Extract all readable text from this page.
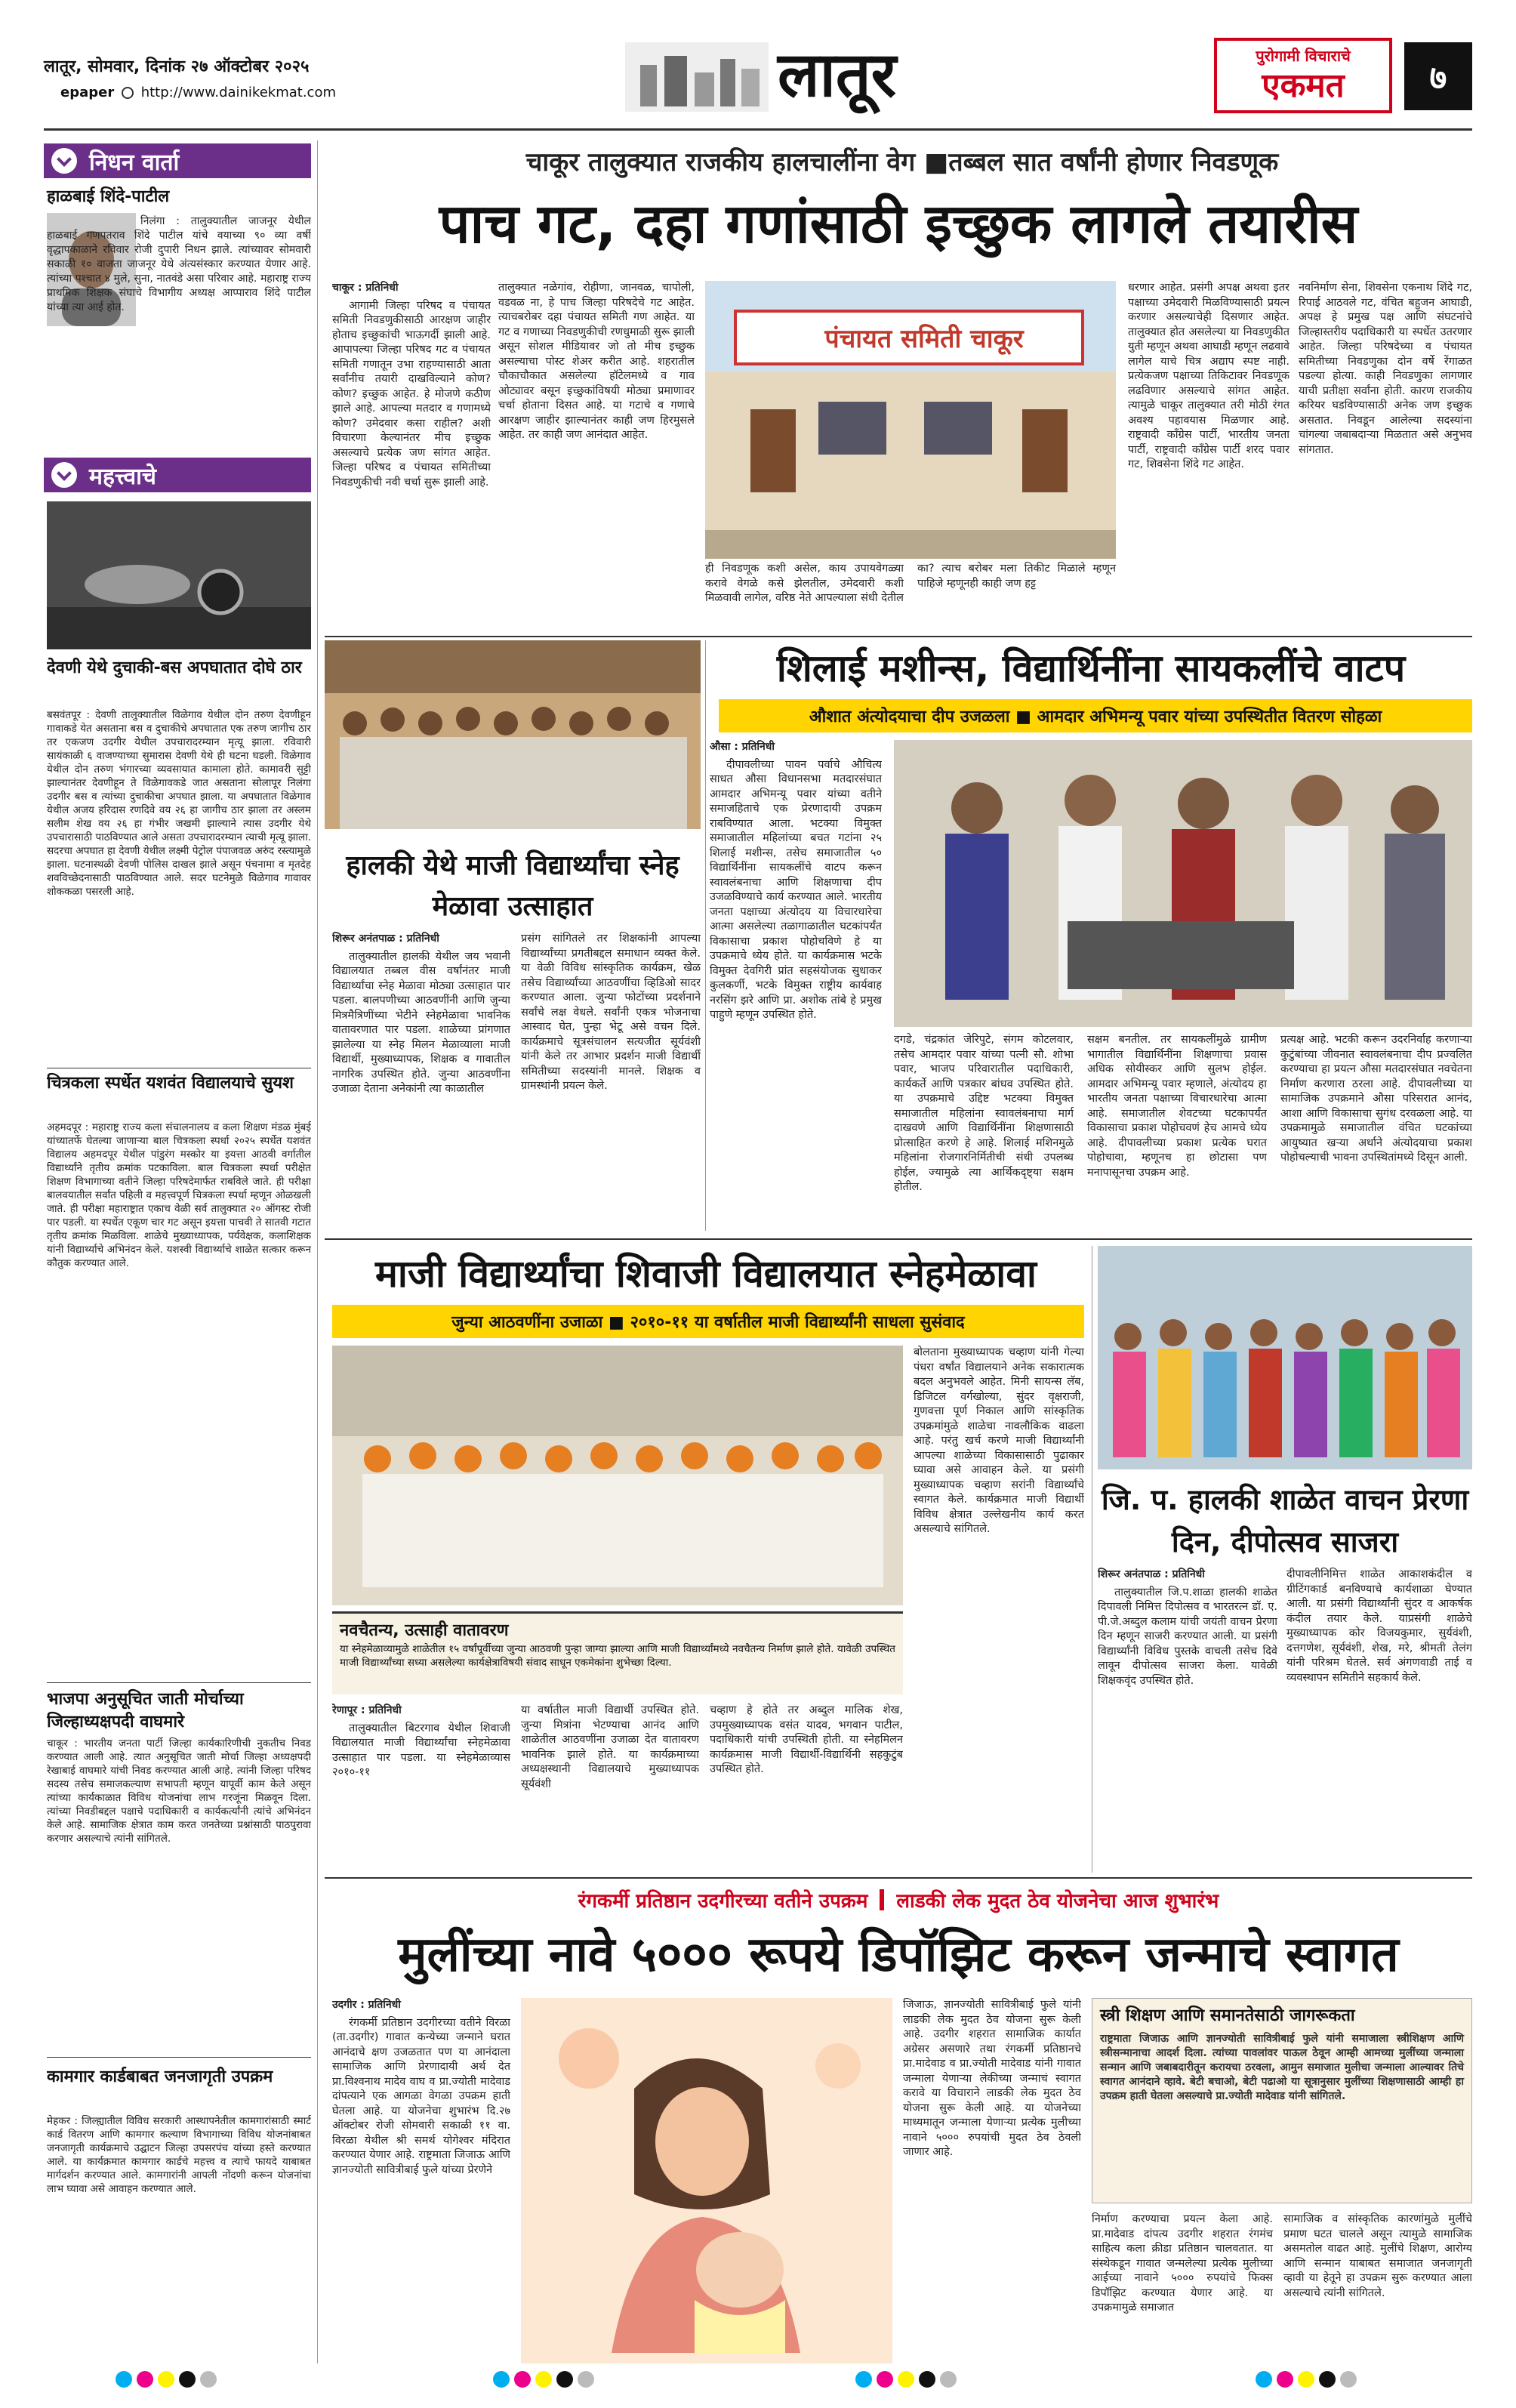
लातूर, सोमवार, दिनांक २७ ऑक्टोबर २०२५
epaper http://www.dainikekmat.com	लातूर	पुरोगामी विचाराचे
एकमत	७
निधन वार्ता
हाळबाई शिंदे-पाटील
निलंगा : तालुक्यातील जाजनूर येथील हाळबाई गणपतराव शिंदे पाटील यांचे वयाच्या ९० व्या वर्षी वृद्धापकाळाने रविवार रोजी दुपारी निधन झाले. त्यांच्यावर सोमवारी सकाळी १० वाजता जाजनूर येथे अंत्यसंस्कार करण्यात येणार आहे. त्यांच्या पश्चात ४ मुले, सुना, नातवंडे असा परिवार आहे. महाराष्ट्र राज्य प्राथमिक शिक्षक संघाचे विभागीय अध्यक्ष आप्पाराव शिंदे पाटील यांच्या त्या आई होत.
महत्त्वाचे
देवणी येथे दुचाकी-बस अपघातात दोघे ठार
बसवंतपूर : देवणी तालुक्यातील विळेगाव येथील दोन तरुण देवणीहून गावाकडे येत असताना बस व दुचाकीचे अपघातात एक तरुण जागीच ठार तर एकजण उदगीर येथील उपचारादरम्यान मृत्यू झाला. रविवारी सायंकाळी ६ वाजण्याच्या सुमारास देवणी येथे ही घटना घडली. विळेगाव येथील दोन तरुण भंगारच्या व्यवसायात कामाला होते. कामावरी सुट्टी झाल्यानंतर देवणीहून ते विळेगावकडे जात असताना सोलापूर निलंगा उदगीर बस व त्यांच्या दुचाकीचा अपघात झाला. या अपघातात विळेगाव येथील अजय हरिदास रणदिवे वय २६ हा जागीच ठार झाला तर अस्लम सलीम शेख वय २६ हा गंभीर जखमी झाल्याने त्यास उदगीर येथे उपचारासाठी पाठविण्यात आले असता उपचारादरम्यान त्याची मृत्यू झाला. सदरचा अपघात हा देवणी येथील लक्ष्मी पेट्रोल पंपाजवळ अरुंद रस्त्यामुळे झाला. घटनास्थळी देवणी पोलिस दाखल झाले असून पंचनामा व मृतदेह शवविच्छेदनासाठी पाठविण्यात आले. सदर घटनेमुळे विळेगाव गावावर शोककळा पसरली आहे.
चित्रकला स्पर्धेत यशवंत विद्यालयाचे सुयश
अहमदपूर : महाराष्ट्र राज्य कला संचालनालय व कला शिक्षण मंडळ मुंबई यांच्यातर्फे घेतल्या जाणाऱ्या बाल चित्रकला स्पर्धा २०२५ स्पर्धेत यशवंत विद्यालय अहमदपूर येथील पांडुरंग मस्कोर या इयत्ता आठवी वर्गातील विद्यार्थ्यांने तृतीय क्रमांक पटकाविला. बाल चित्रकला स्पर्धा परीक्षेत शिक्षण विभागाच्या वतीने जिल्हा परिषदेमार्फत राबविले जाते. ही परीक्षा बालवयातील सर्वांत पहिली व महत्त्वपूर्ण चित्रकला स्पर्धा म्हणून ओळखली जाते. ही परीक्षा महाराष्ट्रात एकाच वेळी सर्व तालुक्यात २० ऑगस्ट रोजी पार पडली. या स्पर्धेत एकूण चार गट असून इयत्ता पाचवी ते सातवी गटात तृतीय क्रमांक मिळविला. शाळेचे मुख्याध्यापक, पर्यवेक्षक, कलाशिक्षक यांनी विद्यार्थ्याचे अभिनंदन केले. यशस्वी विद्यार्थ्याचे शाळेत सत्कार करून कौतुक करण्यात आले.
भाजपा अनुसूचित जाती मोर्चाच्या जिल्हाध्यक्षपदी वाघमारे
चाकूर : भारतीय जनता पार्टी जिल्हा कार्यकारिणीची नुकतीच निवड करण्यात आली आहे. त्यात अनुसूचित जाती मोर्चा जिल्हा अध्यक्षपदी रेखाबाई वाघमारे यांची निवड करण्यात आली आहे. त्यांनी जिल्हा परिषद सदस्य तसेच समाजकल्याण सभापती म्हणून यापूर्वी काम केले असून त्यांच्या कार्यकाळात विविध योजनांचा लाभ गरजूंना मिळवून दिला. त्यांच्या निवडीबद्दल पक्षाचे पदाधिकारी व कार्यकर्त्यांनी त्यांचे अभिनंदन केले आहे. सामाजिक क्षेत्रात काम करत जनतेच्या प्रश्नांसाठी पाठपुरावा करणार असल्याचे त्यांनी सांगितले.
कामगार कार्डबाबत जनजागृती उपक्रम
मेहकर : जिल्ह्यातील विविध सरकारी आस्थापनेतील कामगारांसाठी स्मार्ट कार्ड वितरण आणि कामगार कल्याण विभागाच्या विविध योजनांबाबत जनजागृती कार्यक्रमाचे उद्घाटन जिल्हा उपसरपंच यांच्या हस्ते करण्यात आले. या कार्यक्रमात कामगार कार्डचे महत्त्व व त्याचे फायदे याबाबत मार्गदर्शन करण्यात आले. कामगारांनी आपली नोंदणी करून योजनांचा लाभ घ्यावा असे आवाहन करण्यात आले.
चाकूर तालुक्यात राजकीय हालचालींना वेग ■तब्बल सात वर्षांनी होणार निवडणूक
पाच गट, दहा गणांसाठी इच्छुक लागले तयारीस
चाकूर : प्रतिनिधी

आगामी जिल्हा परिषद व पंचायत समिती निवडणुकीसाठी आरक्षण जाहीर होताच इच्छुकांची भाऊगर्दी झाली आहे. आपापल्या जिल्हा परिषद गट व पंचायत समिती गणातून उभा राहण्यासाठी आता सर्वांनीच तयारी दाखविल्याने कोण? कोण? इच्छुक आहेत. हे मोजणे कठीण झाले आहे. आपल्या मतदार व गणामध्ये कोण? उमेदवार कसा राहील? अशी विचारणा केल्यानंतर मीच इच्छुक असल्याचे प्रत्येक जण सांगत आहेत. जिल्हा परिषद व पंचायत समितीच्या निवडणुकीची नवी चर्चा सुरू झाली आहे.

तालुक्यात नळेगांव, रोहीणा, जानवळ, चापोली, वडवळ ना, हे पाच जिल्हा परिषदेचे गट आहेत. त्याचबरोबर दहा पंचायत समिती गण आहेत. या गट व गणाच्या निवडणुकीची रणधुमाळी सुरू झाली असून सोशल मीडियावर जो तो मीच इच्छुक असल्याचा पोस्ट शेअर करीत आहे. शहरातील चौकाचौकात असलेल्या हॉटेलमध्ये व गाव ओट्यावर बसून इच्छुकांविषयी मोठ्या प्रमाणावर चर्चा होताना दिसत आहे. या गटाचे व गणाचे आरक्षण जाहीर झाल्यानंतर काही जण हिरमुसले आहेत. तर काही जण आनंदात आहेत.
पंचायत समिती चाकूर
ही निवडणूक कशी असेल, काय उपायवेगळ्या करावे वेगळे कसे झेलतील, उमेदवारी कशी मिळवावी लागेल, वरिष्ठ नेते आपल्याला संधी देतील का? त्याच बरोबर मला तिकीट मिळाले म्हणून पाहिजे म्हणूनही काही जण हट्ट
धरणार आहेत. प्रसंगी अपक्ष अथवा इतर पक्षाच्या उमेदवारी मिळविण्यासाठी प्रयत्न करणार असल्याचेही दिसणार आहेत. तालुक्यात होत असलेल्या या निवडणुकीत युती म्हणून अथवा आघाडी म्हणून लढवावे लागेल याचे चित्र अद्याप स्पष्ट नाही. प्रत्येकजण पक्षाच्या तिकिटावर निवडणूक लढविणार असल्याचे सांगत आहेत. त्यामुळे चाकूर तालुक्यात तरी मोठी रंगत अवश्य पहावयास मिळणार आहे. राष्ट्रवादी काँग्रेस पार्टी, भारतीय जनता पार्टी, राष्ट्रवादी काँग्रेस पार्टी शरद पवार गट, शिवसेना शिंदे गट आहेत.
नवनिर्माण सेना, शिवसेना एकनाथ शिंदे गट, रिपाई आठवले गट, वंचित बहुजन आघाडी, अपक्ष हे प्रमुख पक्ष आणि संघटनांचे जिल्हास्तरीय पदाधिकारी या स्पर्धेत उतरणार आहेत. जिल्हा परिषदेच्या व पंचायत समितीच्या निवडणुका दोन वर्षे रेंगाळत पडल्या होत्या. काही निवडणुका लागणार याची प्रतीक्षा सर्वांना होती. कारण राजकीय करियर घडविण्यासाठी अनेक जण इच्छुक असतात. निवडून आलेल्या सदस्यांना चांगल्या जबाबदाऱ्या मिळतात असे अनुभव सांगतात.
शिलाई मशीन्स, विद्यार्थिनींना सायकलींचे वाटप
औशात अंत्योदयाचा दीप उजळला ■ आमदार अभिमन्यू पवार यांच्या उपस्थितीत वितरण सोहळा
औसा : प्रतिनिधी

दीपावलीच्या पावन पर्वाचे औचित्य साधत औसा विधानसभा मतदारसंघात आमदार अभिमन्यू पवार यांच्या वतीने समाजहिताचे एक प्रेरणादायी उपक्रम राबविण्यात आला. भटक्या विमुक्त समाजातील महिलांच्या बचत गटांना २५ शिलाई मशीन्स, तसेच समाजातील ५० विद्यार्थिनींना सायकलींचे वाटप करून स्वावलंबनाचा आणि शिक्षणाचा दीप उजळविण्याचे कार्य करण्यात आले. भारतीय जनता पक्षाच्या अंत्योदय या विचारधारेचा आत्मा असलेल्या तळागाळातील घटकांपर्यंत विकासाचा प्रकाश पोहोचविणे हे या उपक्रमाचे ध्येय होते. या कार्यक्रमास भटके विमुक्त देवगिरी प्रांत सहसंयोजक सुधाकर कुलकर्णी, भटके विमुक्त राष्ट्रीय कार्यवाह नरसिंग झरे आणि प्रा. अशोक तांबे हे प्रमुख पाहुणे म्हणून उपस्थित होते.

दगडे, चंद्रकांत जेरिपुटे, संगम कोटलवार, तसेच आमदार पवार यांच्या पत्नी सौ. शोभा पवार, भाजप परिवारातील पदाधिकारी, कार्यकर्ते आणि पत्रकार बांधव उपस्थित होते. या उपक्रमाचे उद्दिष्ट भटक्या विमुक्त समाजातील महिलांना स्वावलंबनाचा मार्ग दाखवणे आणि विद्यार्थिनींना शिक्षणासाठी प्रोत्साहित करणे हे आहे. शिलाई मशिनमुळे महिलांना रोजगारनिर्मितीची संधी उपलब्ध होईल, ज्यामुळे त्या आर्थिकदृष्ट्या सक्षम होतील.
सक्षम बनतील. तर सायकलींमुळे ग्रामीण भागातील विद्यार्थिनींना शिक्षणाचा प्रवास अधिक सोयीस्कर आणि सुलभ होईल. आमदार अभिमन्यू पवार म्हणाले, अंत्योदय हा भारतीय जनता पक्षाच्या विचारधारेचा आत्मा आहे. समाजातील शेवटच्या घटकापर्यंत विकासाचा प्रकाश पोहोचवणं हेच आमचे ध्येय आहे. दीपावलीच्या प्रकाश प्रत्येक घरात पोहोचावा, म्हणूनच हा छोटासा पण मनापासूनचा उपक्रम आहे.
प्रत्यक्ष आहे. भटकी करून उदरनिर्वाह करणाऱ्या कुटुंबांच्या जीवनात स्वावलंबनाचा दीप प्रज्वलित करण्याचा हा प्रयत्न औसा मतदारसंघात नवचेतना निर्माण करणारा ठरला आहे. दीपावलीच्या या सामाजिक उपक्रमाने औसा परिसरात आनंद, आशा आणि विकासाचा सुगंध दरवळला आहे. या उपक्रमामुळे समाजातील वंचित घटकांच्या आयुष्यात खऱ्या अर्थाने अंत्योदयाचा प्रकाश पोहोचल्याची भावना उपस्थितांमध्ये दिसून आली.
हालकी येथे माजी विद्यार्थ्यांचा स्नेह मेळावा उत्साहात
शिरूर अनंतपाळ : प्रतिनिधी

तालुक्यातील हालकी येथील जय भवानी विद्यालयात तब्बल वीस वर्षांनंतर माजी विद्यार्थ्यांचा स्नेह मेळावा मोठ्या उत्साहात पार पडला. बालपणीच्या आठवणींनी आणि जुन्या मित्रमैत्रिणींच्या भेटीने स्नेहमेळावा भावनिक वातावरणात पार पडला. शाळेच्या प्रांगणात झालेल्या या स्नेह मिलन मेळाव्याला माजी विद्यार्थी, मुख्याध्यापक, शिक्षक व गावातील नागरिक उपस्थित होते. जुन्या आठवणींना उजाळा देताना अनेकांनी त्या काळातील

प्रसंग सांगितले तर शिक्षकांनी आपल्या विद्यार्थ्यांच्या प्रगतीबद्दल समाधान व्यक्त केले. या वेळी विविध सांस्कृतिक कार्यक्रम, खेळ तसेच विद्यार्थ्यांच्या आठवणींचा व्हिडिओ सादर करण्यात आला. जुन्या फोटोंच्या प्रदर्शनाने सर्वांचे लक्ष वेधले. सर्वांनी एकत्र भोजनाचा आस्वाद घेत, पुन्हा भेटू असे वचन दिले. कार्यक्रमाचे सूत्रसंचालन सत्यजीत सूर्यवंशी यांनी केले तर आभार प्रदर्शन माजी विद्यार्थी समितीच्या सदस्यांनी मानले. शिक्षक व ग्रामस्थांनी प्रयत्न केले.
माजी विद्यार्थ्यांचा शिवाजी विद्यालयात स्नेहमेळावा
जुन्या आठवणींना उजाळा ■ २०१०-११ या वर्षातील माजी विद्यार्थ्यांनी साधला सुसंवाद
नवचैतन्य, उत्साही वातावरण
या स्नेहमेळाव्यामुळे शाळेतील १५ वर्षांपूर्वीच्या जुन्या आठवणी पुन्हा जाग्या झाल्या आणि माजी विद्यार्थ्यांमध्ये नवचैतन्य निर्माण झाले होते. यावेळी उपस्थित माजी विद्यार्थ्यांच्या सध्या असलेल्या कार्यक्षेत्राविषयी संवाद साधून एकमेकांना शुभेच्छा दिल्या.
बोलताना मुख्याध्यापक चव्हाण यांनी गेल्या पंधरा वर्षांत विद्यालयाने अनेक सकारात्मक बदल अनुभवले आहेत. मिनी सायन्स लॅब, डिजिटल वर्गखोल्या, सुंदर वृक्षराजी, गुणवत्ता पूर्ण निकाल आणि सांस्कृतिक उपक्रमांमुळे शाळेचा नावलौकिक वाढला आहे. परंतु खर्च करणे माजी विद्यार्थ्यांनी आपल्या शाळेच्या विकासासाठी पुढाकार घ्यावा असे आवाहन केले. या प्रसंगी मुख्याध्यापक चव्हाण सरांनी विद्यार्थ्यांचे स्वागत केले. कार्यक्रमात माजी विद्यार्थी विविध क्षेत्रात उल्लेखनीय कार्य करत असल्याचे सांगितले.
रेणापूर : प्रतिनिधी

तालुक्यातील बिटरगाव येथील शिवाजी विद्यालयात माजी विद्यार्थ्यांचा स्नेहमेळावा उत्साहात पार पडला. या स्नेहमेळाव्यास २०१०-११

या वर्षातील माजी विद्यार्थी उपस्थित होते. जुन्या मित्रांना भेटण्याचा आनंद आणि शाळेतील आठवणींना उजाळा देत वातावरण भावनिक झाले होते. या कार्यक्रमाच्या अध्यक्षस्थानी विद्यालयाचे मुख्याध्यापक सूर्यवंशी
चव्हाण हे होते तर अब्दुल मालिक शेख, उपमुख्याध्यापक वसंत यादव, भगवान पाटील, पदाधिकारी यांची उपस्थिती होती. या स्नेहमिलन कार्यक्रमास माजी विद्यार्थी-विद्यार्थिनी सहकुटुंब उपस्थित होते.
जि. प. हालकी शाळेत वाचन प्रेरणा दिन, दीपोत्सव साजरा
शिरूर अनंतपाळ : प्रतिनिधी

तालुक्यातील जि.प.शाळा हालकी शाळेत दिपावली निमित्त दिपोत्सव व भारतरत्न डॉ. ए. पी.जे.अब्दुल कलाम यांची जयंती वाचन प्रेरणा दिन म्हणून साजरी करण्यात आली. या प्रसंगी विद्यार्थ्यांनी विविध पुस्तके वाचली तसेच दिवे लावून दीपोत्सव साजरा केला. यावेळी शिक्षकवृंद उपस्थित होते.

दीपावलीनिमित्त शाळेत आकाशकंदील व ग्रीटिंगकार्ड बनविण्याचे कार्यशाळा घेण्यात आली. या प्रसंगी विद्यार्थ्यांनी सुंदर व आकर्षक कंदील तयार केले. याप्रसंगी शाळेचे मुख्याध्यापक कोर विजयकुमार, सुर्यवंशी, दत्तगणेश, सूर्यवंशी, शेख, मरे, श्रीमती तेलंग यांनी परिश्रम घेतले. सर्व अंगणवाडी ताई व व्यवस्थापन समितीने सहकार्य केले.
रंगकर्मी प्रतिष्ठान उदगीरच्या वतीने उपक्रम लाडकी लेक मुदत ठेव योजनेचा आज शुभारंभ
मुलींच्या नावे ५००० रूपये डिपॉझिट करून जन्माचे स्वागत
उदगीर : प्रतिनिधी

रंगकर्मी प्रतिष्ठान उदगीरच्या वतीने विरळा (ता.उदगीर) गावात कन्येच्या जन्माने घरात आनंदाचे क्षण उजळतात पण या आनंदाला सामाजिक आणि प्रेरणादायी अर्थ देत प्रा.विश्वनाथ मादेव वाघ व प्रा.ज्योती मादेवाड दांपत्याने एक आगळा वेगळा उपक्रम हाती घेतला आहे. या योजनेचा शुभारंभ दि.२७ ऑक्टोबर रोजी सोमवारी सकाळी ११ वा. विरळा येथील श्री समर्थ योगेश्वर मंदिरात करण्यात येणार आहे. राष्ट्रमाता जिजाऊ आणि ज्ञानज्योती सावित्रीबाई फुले यांच्या प्रेरणेने

जिजाऊ, ज्ञानज्योती सावित्रीबाई फुले यांनी लाडकी लेक मुदत ठेव योजना सुरू केली आहे. उदगीर शहरात सामाजिक कार्यात अग्रेसर असणारे तथा रंगकर्मी प्रतिष्ठानचे प्रा.मादेवाड व प्रा.ज्योती मादेवाड यांनी गावात जन्माला येणाऱ्या लेकीच्या जन्माचं स्वागत करावे या विचाराने लाडकी लेक मुदत ठेव योजना सुरू केली आहे. या योजनेच्या माध्यमातून जन्माला येणाऱ्या प्रत्येक मुलीच्या नावाने ५००० रुपयांची मुदत ठेव ठेवली जाणार आहे.
स्त्री शिक्षण आणि समानतेसाठी जागरूकता
राष्ट्रमाता जिजाऊ आणि ज्ञानज्योती सावित्रीबाई फुले यांनी समाजाला स्त्रीशिक्षण आणि स्त्रीसन्मानाचा आदर्श दिला. त्यांच्या पावलांवर पाऊल ठेवून आम्ही आमच्या मुलींच्या जन्माला सन्मान आणि जबाबदारीतून करायचा ठरवला, आमुन समाजात मुलीचा जन्माला आल्यावर तिचे स्वागत आनंदाने व्हावे. बेटी बचाओ, बेटी पढाओ या सूत्रानुसार मुलींच्या शिक्षणासाठी आम्ही हा उपक्रम हाती घेतला असल्याचे प्रा.ज्योती मादेवाड यांनी सांगितले.
निर्माण करण्याचा प्रयत्न केला आहे. प्रा.मादेवाड दांपत्य उदगीर शहरात रंगमंच साहित्य कला क्रीडा प्रतिष्ठान चालवतात. या संस्थेकडून गावात जन्मलेल्या प्रत्येक मुलीच्या आईच्या नावाने ५००० रुपयांचे फिक्स डिपॉझिट करण्यात येणार आहे. या उपक्रमामुळे समाजात
सामाजिक व सांस्कृतिक कारणांमुळे मुलींचे प्रमाण घटत चालले असून त्यामुळे सामाजिक असमतोल वाढत आहे. मुलींचे शिक्षण, आरोग्य आणि सन्मान याबाबत समाजात जनजागृती व्हावी या हेतूने हा उपक्रम सुरू करण्यात आला असल्याचे त्यांनी सांगितले.
